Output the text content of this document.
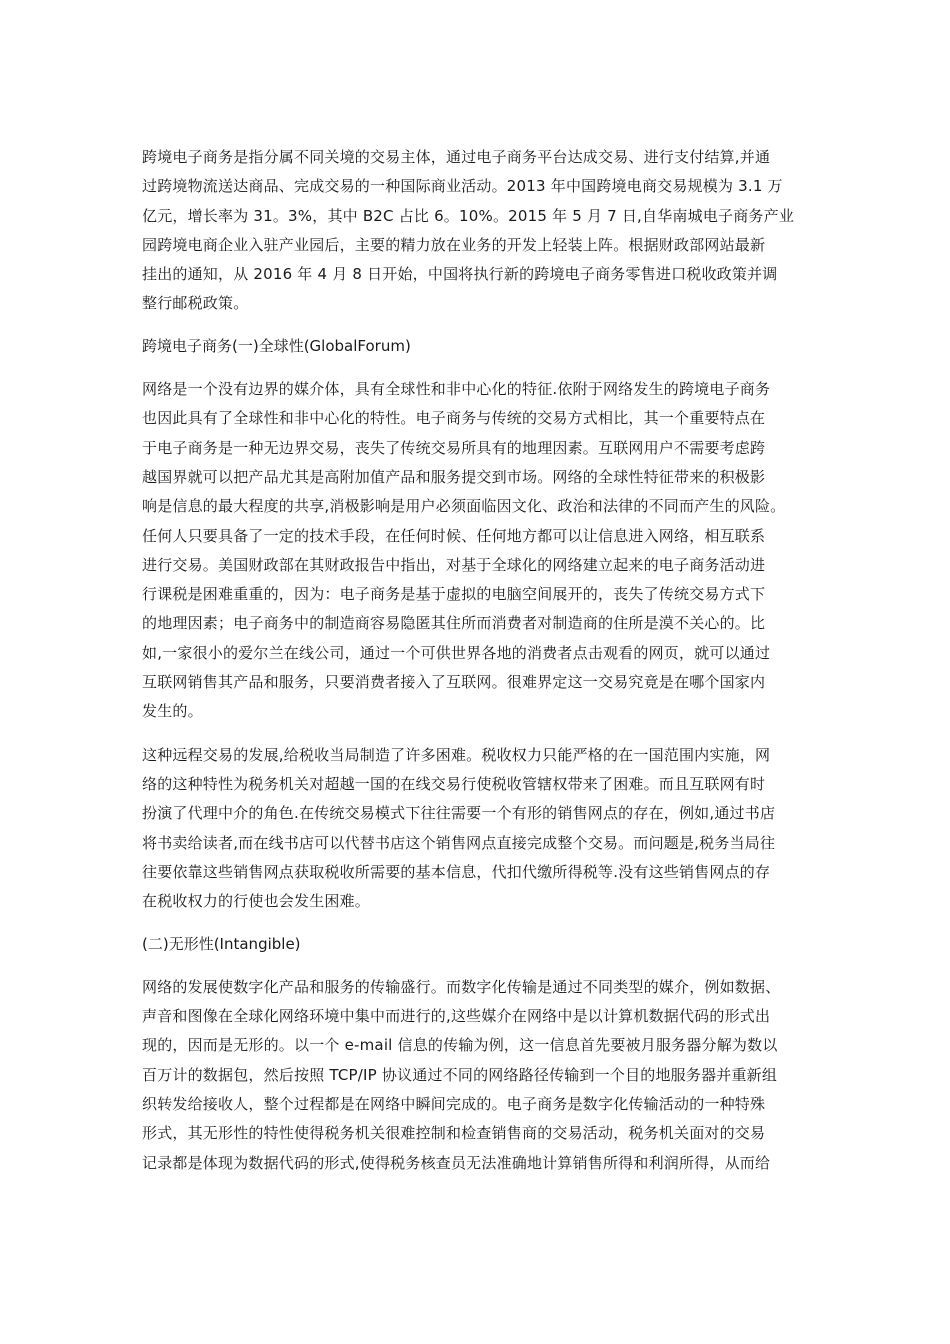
跨境电子商务是指分属不同关境的交易主体，通过电子商务平台达成交易、进行支付结算,并通
过跨境物流送达商品、完成交易的一种国际商业活动。2013 年中国跨境电商交易规模为 3.1 万
亿元，增长率为 31。3%，其中 B2C 占比 6。10%。2015 年 5 月 7 日,自华南城电子商务产业
园跨境电商企业入驻产业园后，主要的精力放在业务的开发上轻装上阵。根据财政部网站最新
挂出的通知，从 2016 年 4 月 8 日开始，中国将执行新的跨境电子商务零售进口税收政策并调
整行邮税政策。
跨境电子商务(一)全球性(GlobalForum)
网络是一个没有边界的媒介体，具有全球性和非中心化的特征.依附于网络发生的跨境电子商务
也因此具有了全球性和非中心化的特性。电子商务与传统的交易方式相比，其一个重要特点在
于电子商务是一种无边界交易，丧失了传统交易所具有的地理因素。互联网用户不需要考虑跨
越国界就可以把产品尤其是高附加值产品和服务提交到市场。网络的全球性特征带来的积极影
响是信息的最大程度的共享,消极影响是用户必须面临因文化、政治和法律的不同而产生的风险。
任何人只要具备了一定的技术手段，在任何时候、任何地方都可以让信息进入网络，相互联系
进行交易。美国财政部在其财政报告中指出，对基于全球化的网络建立起来的电子商务活动进
行课税是困难重重的，因为：电子商务是基于虚拟的电脑空间展开的，丧失了传统交易方式下
的地理因素；电子商务中的制造商容易隐匿其住所而消费者对制造商的住所是漠不关心的。比
如,一家很小的爱尔兰在线公司，通过一个可供世界各地的消费者点击观看的网页，就可以通过
互联网销售其产品和服务，只要消费者接入了互联网。很难界定这一交易究竟是在哪个国家内
发生的。
这种远程交易的发展,给税收当局制造了许多困难。税收权力只能严格的在一国范围内实施，网
络的这种特性为税务机关对超越一国的在线交易行使税收管辖权带来了困难。而且互联网有时
扮演了代理中介的角色.在传统交易模式下往往需要一个有形的销售网点的存在，例如,通过书店
将书卖给读者,而在线书店可以代替书店这个销售网点直接完成整个交易。而问题是,税务当局往
往要依靠这些销售网点获取税收所需要的基本信息，代扣代缴所得税等.没有这些销售网点的存
在税收权力的行使也会发生困难。
(二)无形性(Intangible)
网络的发展使数字化产品和服务的传输盛行。而数字化传输是通过不同类型的媒介，例如数据、
声音和图像在全球化网络环境中集中而进行的,这些媒介在网络中是以计算机数据代码的形式出
现的，因而是无形的。以一个 e-mail 信息的传输为例，这一信息首先要被月服务器分解为数以
百万计的数据包，然后按照 TCP/IP 协议通过不同的网络路径传输到一个目的地服务器并重新组
织转发给接收人，整个过程都是在网络中瞬间完成的。电子商务是数字化传输活动的一种特殊
形式，其无形性的特性使得税务机关很难控制和检查销售商的交易活动，税务机关面对的交易
记录都是体现为数据代码的形式,使得税务核查员无法准确地计算销售所得和利润所得，从而给
